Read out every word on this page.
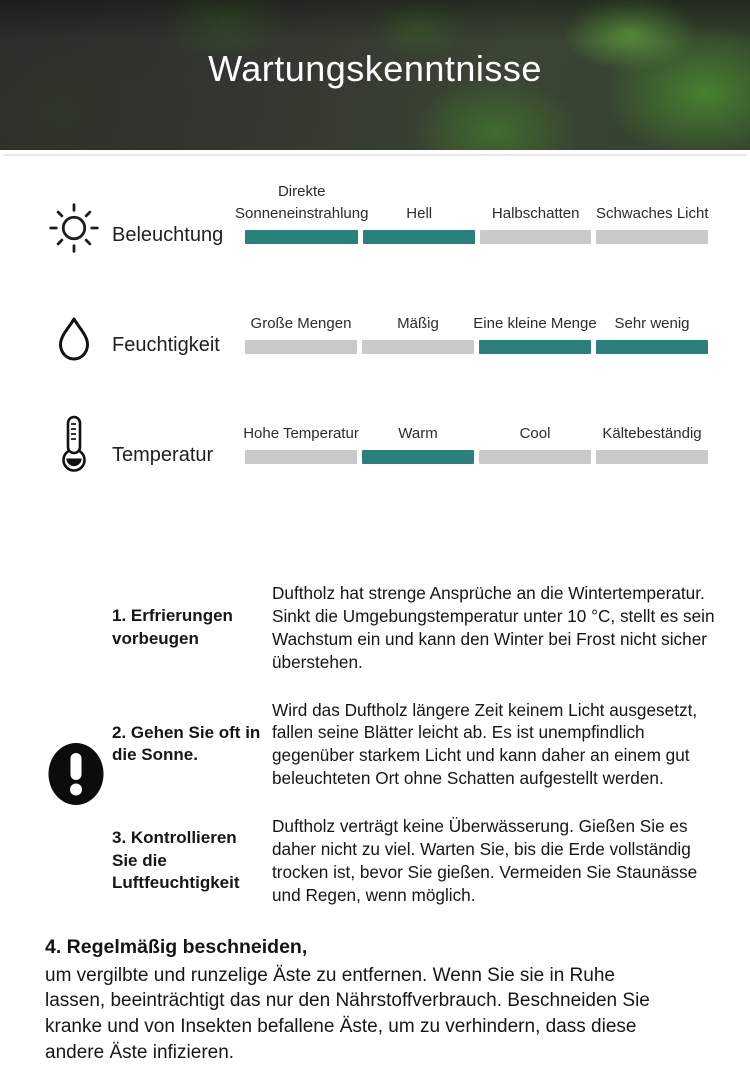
Wartungskenntnisse
Beleuchtung
Direkte Sonneneinstrahlung	Hell	Halbschatten	Schwaches Licht
Feuchtigkeit
Große Mengen	Mäßig	Eine kleine Menge	Sehr wenig
Temperatur
Hohe Temperatur	Warm	Cool	Kältebeständig
1. Erfrierungen vorbeugen

Duftholz hat strenge Ansprüche an die Wintertemperatur. Sinkt die Umgebungstemperatur unter 10 °C, stellt es sein Wachstum ein und kann den Winter bei Frost nicht sicher überstehen.

2. Gehen Sie oft in die Sonne.

Wird das Duftholz längere Zeit keinem Licht ausgesetzt, fallen seine Blätter leicht ab. Es ist unempfindlich gegenüber starkem Licht und kann daher an einem gut beleuchteten Ort ohne Schatten aufgestellt werden.

3. Kontrollieren Sie die Luftfeuchtigkeit

Duftholz verträgt keine Überwässerung. Gießen Sie es daher nicht zu viel. Warten Sie, bis die Erde vollständig trocken ist, bevor Sie gießen. Vermeiden Sie Staunässe und Regen, wenn möglich.

4. Regelmäßig beschneiden,

um vergilbte und runzelige Äste zu entfernen. Wenn Sie sie in Ruhe lassen, beeinträchtigt das nur den Nährstoffverbrauch. Beschneiden Sie kranke und von Insekten befallene Äste, um zu verhindern, dass diese andere Äste infizieren.
